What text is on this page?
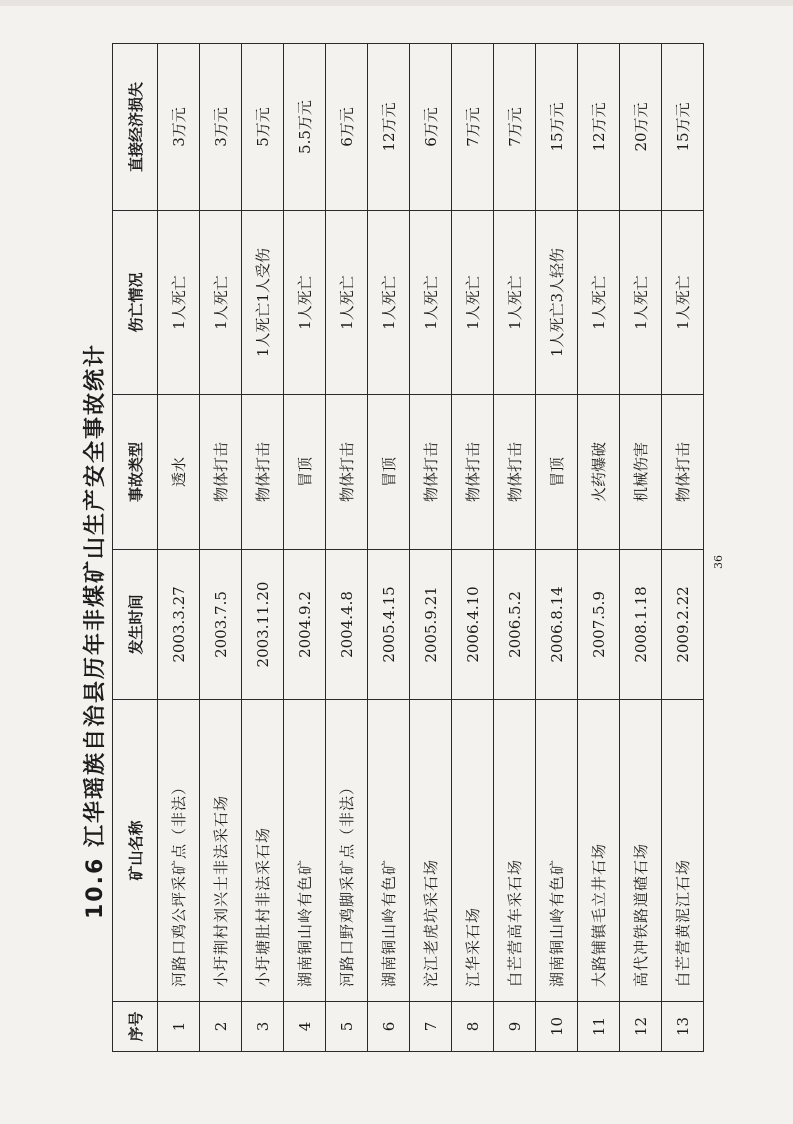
10.6 江华瑶族自治县历年非煤矿山生产安全事故统计
序号	矿山名称	发生时间	事故类型	伤亡情况	直接经济损失
1	河路口鸡公坪采矿点（非法）	2003.3.27	透水	1人死亡	3万元
2	小圩荆村刘兴士非法采石场	2003.7.5	物体打击	1人死亡	3万元
3	小圩塘肚村非法采石场	2003.11.20	物体打击	1人死亡1人受伤	5万元
4	湖南铜山岭有色矿	2004.9.2	冒顶	1人死亡	5.5万元
5	河路口野鸡脚采矿点（非法）	2004.4.8	物体打击	1人死亡	6万元
6	湖南铜山岭有色矿	2005.4.15	冒顶	1人死亡	12万元
7	沱江老虎坑采石场	2005.9.21	物体打击	1人死亡	6万元
8	江华采石场	2006.4.10	物体打击	1人死亡	7万元
9	白芒营高车采石场	2006.5.2	物体打击	1人死亡	7万元
10	湖南铜山岭有色矿	2006.8.14	冒顶	1人死亡3人轻伤	15万元
11	大路铺镇毛立井石场	2007.5.9	火药爆破	1人死亡	12万元
12	高代冲铁路道碴石场	2008.1.18	机械伤害	1人死亡	20万元
13	白芒营黄泥江石场	2009.2.22	物体打击	1人死亡	15万元
36
